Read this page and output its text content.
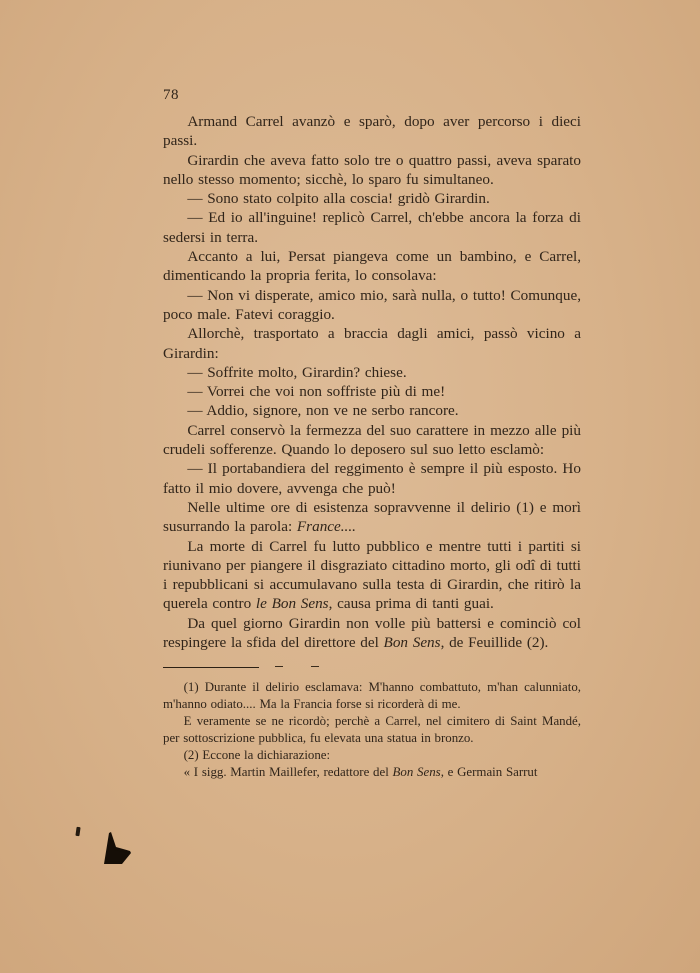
78

Armand Carrel avanzò e sparò, dopo aver percorso i dieci passi.

Girardin che aveva fatto solo tre o quattro passi, aveva sparato nello stesso momento; sicchè, lo sparo fu simultaneo.

— Sono stato colpito alla coscia! gridò Girardin.

— Ed io all'inguine! replicò Carrel, ch'ebbe ancora la forza di sedersi in terra.

Accanto a lui, Persat piangeva come un bambino, e Carrel, dimenticando la propria ferita, lo consolava:

— Non vi disperate, amico mio, sarà nulla, o tutto! Comunque, poco male. Fatevi coraggio.

Allorchè, trasportato a braccia dagli amici, passò vicino a Girardin:

— Soffrite molto, Girardin? chiese.

— Vorrei che voi non soffriste più di me!

— Addio, signore, non ve ne serbo rancore.

Carrel conservò la fermezza del suo carattere in mezzo alle più crudeli sofferenze. Quando lo deposero sul suo letto esclamò:

— Il portabandiera del reggimento è sempre il più esposto. Ho fatto il mio dovere, avvenga che può!

Nelle ultime ore di esistenza sopravvenne il delirio (1) e morì susurrando la parola: France....

La morte di Carrel fu lutto pubblico e mentre tutti i partiti si riunivano per piangere il disgraziato cittadino morto, gli odî di tutti i repubblicani si accumulavano sulla testa di Girardin, che ritirò la querela contro le Bon Sens, causa prima di tanti guai.

Da quel giorno Girardin non volle più battersi e cominciò col respingere la sfida del direttore del Bon Sens, de Feuillide (2).

(1) Durante il delirio esclamava: M'hanno combattuto, m'han calunniato, m'hanno odiato.... Ma la Francia forse si ricorderà di me.

E veramente se ne ricordò; perchè a Carrel, nel cimitero di Saint Mandé, per sottoscrizione pubblica, fu elevata una statua in bronzo.

(2) Eccone la dichiarazione:

« I sigg. Martin Maillefer, redattore del Bon Sens, e Germain Sarrut
